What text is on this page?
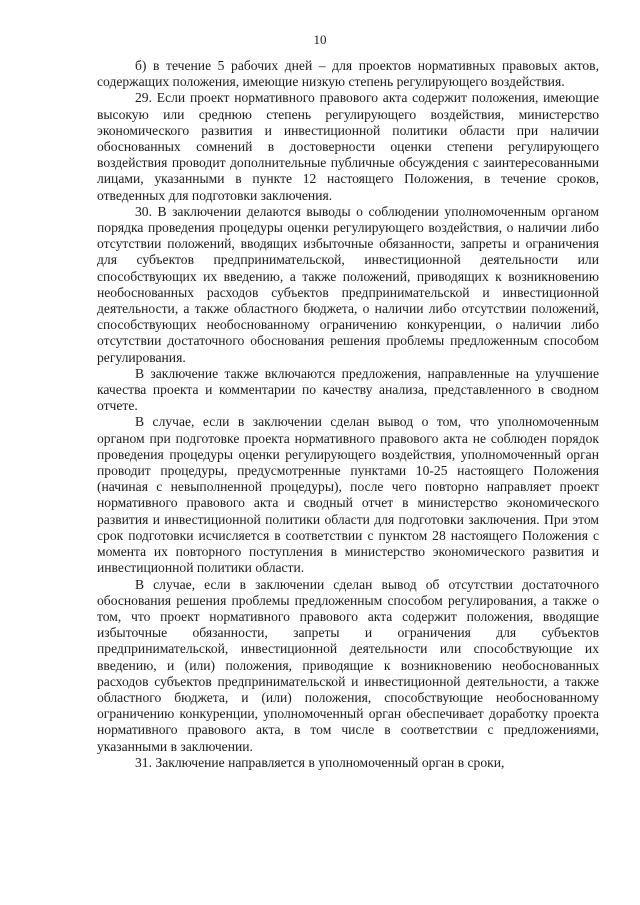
10

б) в течение 5 рабочих дней – для проектов нормативных правовых актов, содержащих положения, имеющие низкую степень регулирующего воздействия.

29. Если проект нормативного правового акта содержит положения, имеющие высокую или среднюю степень регулирующего воздействия, министерство экономического развития и инвестиционной политики области при наличии обоснованных сомнений в достоверности оценки степени регулирующего воздействия проводит дополнительные публичные обсуждения с заинтересованными лицами, указанными в пункте 12 настоящего Положения, в течение сроков, отведенных для подготовки заключения.

30. В заключении делаются выводы о соблюдении уполномоченным органом порядка проведения процедуры оценки регулирующего воздействия, о наличии либо отсутствии положений, вводящих избыточные обязанности, запреты и ограничения для субъектов предпринимательской, инвестиционной деятельности или способствующих их введению, а также положений, приводящих к возникновению необоснованных расходов субъектов предпринимательской и инвестиционной деятельности, а также областного бюджета, о наличии либо отсутствии положений, способствующих необоснованному ограничению конкуренции, о наличии либо отсутствии достаточного обоснования решения проблемы предложенным способом регулирования.

В заключение также включаются предложения, направленные на улучшение качества проекта и комментарии по качеству анализа, представленного в сводном отчете.

В случае, если в заключении сделан вывод о том, что уполномоченным органом при подготовке проекта нормативного правового акта не соблюден порядок проведения процедуры оценки регулирующего воздействия, уполномоченный орган проводит процедуры, предусмотренные пунктами 10-25 настоящего Положения (начиная с невыполненной процедуры), после чего повторно направляет проект нормативного правового акта и сводный отчет в министерство экономического развития и инвестиционной политики области для подготовки заключения. При этом срок подготовки исчисляется в соответствии с пунктом 28 настоящего Положения с момента их повторного поступления в министерство экономического развития и инвестиционной политики области.

В случае, если в заключении сделан вывод об отсутствии достаточного обоснования решения проблемы предложенным способом регулирования, а также о том, что проект нормативного правового акта содержит положения, вводящие избыточные обязанности, запреты и ограничения для субъектов предпринимательской, инвестиционной деятельности или способствующие их введению, и (или) положения, приводящие к возникновению необоснованных расходов субъектов предпринимательской и инвестиционной деятельности, а также областного бюджета, и (или) положения, способствующие необоснованному ограничению конкуренции, уполномоченный орган обеспечивает доработку проекта нормативного правового акта, в том числе в соответствии с предложениями, указанными в заключении.

31. Заключение направляется в уполномоченный орган в сроки,
